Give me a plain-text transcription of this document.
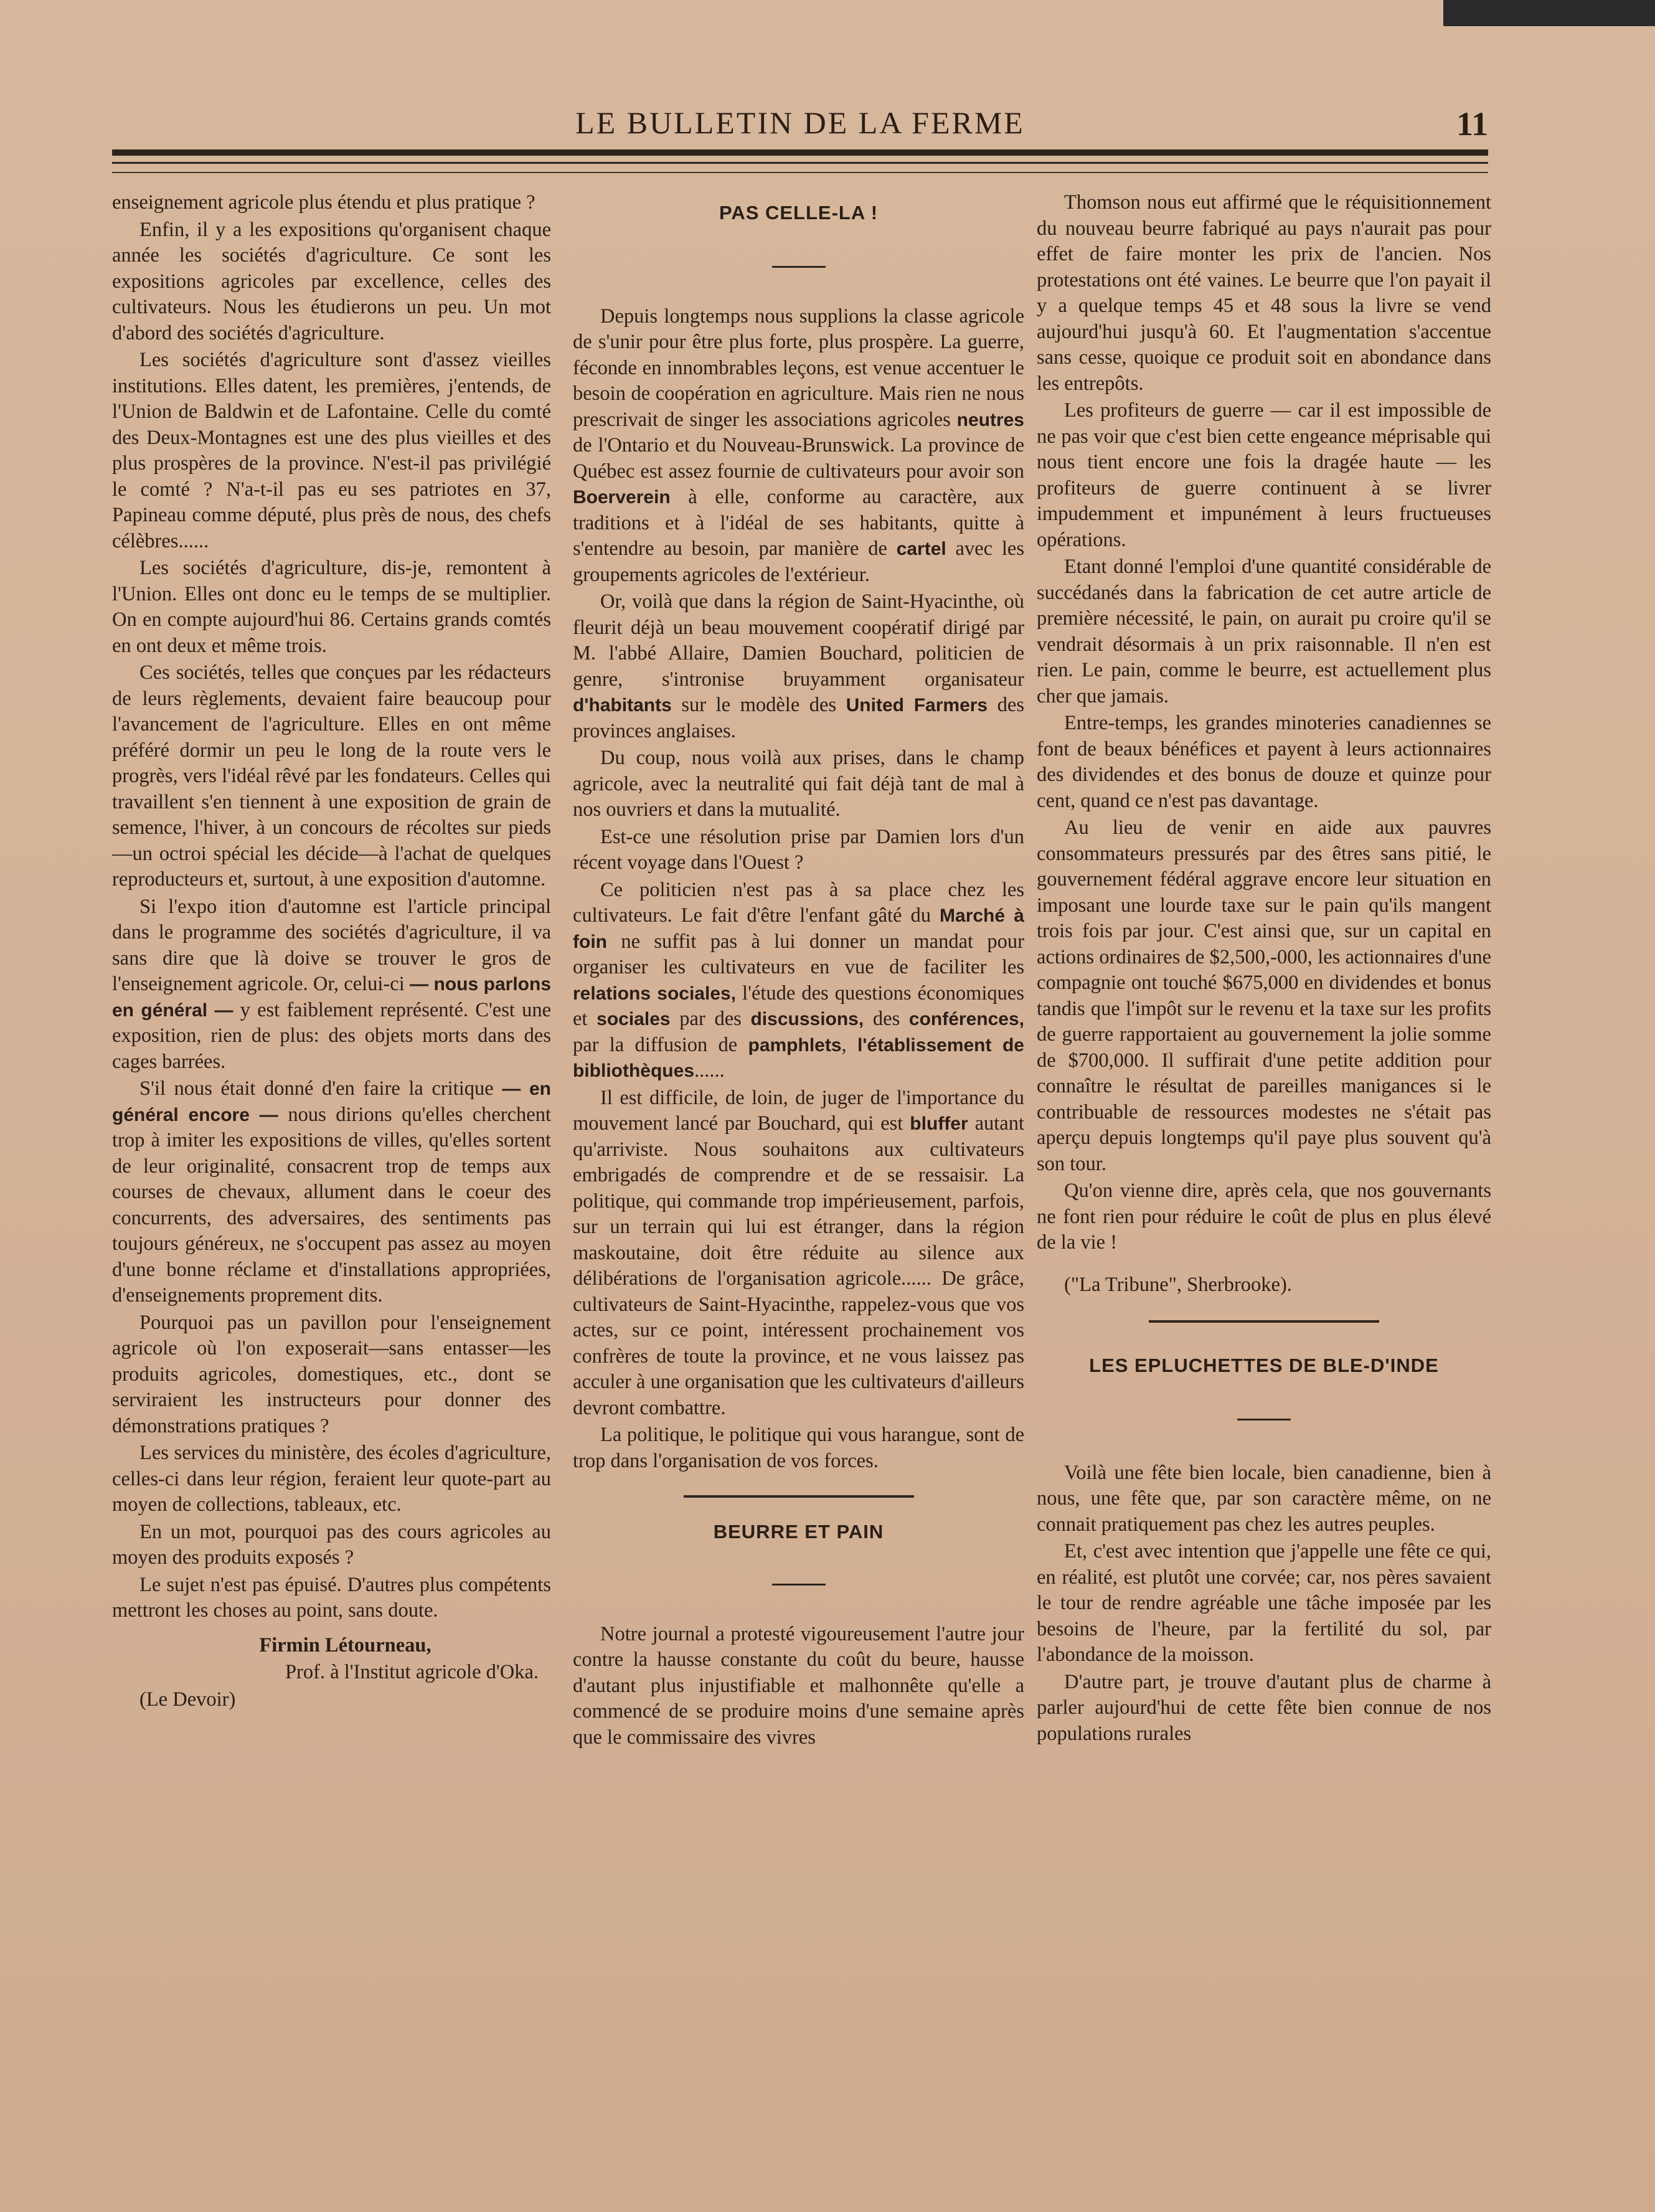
LE BULLETIN DE LA FERME	11

enseignement agricole plus étendu et plus pratique ?

Enfin, il y a les expositions qu'organisent chaque année les sociétés d'agriculture. Ce sont les expositions agricoles par excellence, celles des cultivateurs. Nous les étudierons un peu. Un mot d'abord des sociétés d'agriculture.

Les sociétés d'agriculture sont d'assez vieilles institutions. Elles datent, les premières, j'entends, de l'Union de Baldwin et de Lafontaine. Celle du comté des Deux-Montagnes est une des plus vieilles et des plus prospères de la province. N'est-il pas privilégié le comté ? N'a-t-il pas eu ses patriotes en 37, Papineau comme député, plus près de nous, des chefs célèbres......

Les sociétés d'agriculture, dis-je, remontent à l'Union. Elles ont donc eu le temps de se multiplier. On en compte aujourd'hui 86. Certains grands comtés en ont deux et même trois.

Ces sociétés, telles que conçues par les rédacteurs de leurs règlements, devaient faire beaucoup pour l'avancement de l'agriculture. Elles en ont même préféré dormir un peu le long de la route vers le progrès, vers l'idéal rêvé par les fondateurs. Celles qui travaillent s'en tiennent à une exposition de grain de semence, l'hiver, à un concours de récoltes sur pieds—un octroi spécial les décide—à l'achat de quelques reproducteurs et, surtout, à une exposition d'automne.

Si l'expo ition d'automne est l'article principal dans le programme des sociétés d'agriculture, il va sans dire que là doive se trouver le gros de l'enseignement agricole. Or, celui-ci — nous parlons en général — y est faiblement représenté. C'est une exposition, rien de plus: des objets morts dans des cages barrées.

S'il nous était donné d'en faire la critique — en général encore — nous dirions qu'elles cherchent trop à imiter les expositions de villes, qu'elles sortent de leur originalité, consacrent trop de temps aux courses de chevaux, allument dans le coeur des concurrents, des adversaires, des sentiments pas toujours généreux, ne s'occupent pas assez au moyen d'une bonne réclame et d'installations appropriées, d'enseignements proprement dits.

Pourquoi pas un pavillon pour l'enseignement agricole où l'on exposerait—sans entasser—les produits agricoles, domestiques, etc., dont se serviraient les instructeurs pour donner des démonstrations pratiques ?

Les services du ministère, des écoles d'agriculture, celles-ci dans leur région, feraient leur quote-part au moyen de collections, tableaux, etc.

En un mot, pourquoi pas des cours agricoles au moyen des produits exposés ?

Le sujet n'est pas épuisé. D'autres plus compétents mettront les choses au point, sans doute.

Firmin Létourneau,

Prof. à l'Institut agricole d'Oka.

(Le Devoir)

PAS CELLE-LA !

Depuis longtemps nous supplions la classe agricole de s'unir pour être plus forte, plus prospère. La guerre, féconde en innombrables leçons, est venue accentuer le besoin de coopération en agriculture. Mais rien ne nous prescrivait de singer les associations agricoles neutres de l'Ontario et du Nouveau-Brunswick. La province de Québec est assez fournie de cultivateurs pour avoir son Boerverein à elle, conforme au caractère, aux traditions et à l'idéal de ses habitants, quitte à s'entendre au besoin, par manière de cartel avec les groupements agricoles de l'extérieur.

Or, voilà que dans la région de Saint-Hyacinthe, où fleurit déjà un beau mouvement coopératif dirigé par M. l'abbé Allaire, Damien Bouchard, politicien de genre, s'intronise bruyamment organisateur d'habitants sur le modèle des United Farmers des provinces anglaises.

Du coup, nous voilà aux prises, dans le champ agricole, avec la neutralité qui fait déjà tant de mal à nos ouvriers et dans la mutualité.

Est-ce une résolution prise par Damien lors d'un récent voyage dans l'Ouest ?

Ce politicien n'est pas à sa place chez les cultivateurs. Le fait d'être l'enfant gâté du Marché à foin ne suffit pas à lui donner un mandat pour organiser les cultivateurs en vue de faciliter les relations sociales, l'étude des questions économiques et sociales par des discussions, des conférences, par la diffusion de pamphlets, l'établissement de bibliothèques......

Il est difficile, de loin, de juger de l'importance du mouvement lancé par Bouchard, qui est bluffer autant qu'arriviste. Nous souhaitons aux cultivateurs embrigadés de comprendre et de se ressaisir. La politique, qui commande trop impérieusement, parfois, sur un terrain qui lui est étranger, dans la région maskoutaine, doit être réduite au silence aux délibérations de l'organisation agricole...... De grâce, cultivateurs de Saint-Hyacinthe, rappelez-vous que vos actes, sur ce point, intéressent prochainement vos confrères de toute la province, et ne vous laissez pas acculer à une organisation que les cultivateurs d'ailleurs devront combattre.

La politique, le politique qui vous harangue, sont de trop dans l'organisation de vos forces.

BEURRE ET PAIN

Notre journal a protesté vigoureusement l'autre jour contre la hausse constante du coût du beure, hausse d'autant plus injustifiable et malhonnête qu'elle a commencé de se produire moins d'une semaine après que le commissaire des vivres

Thomson nous eut affirmé que le réquisitionnement du nouveau beurre fabriqué au pays n'aurait pas pour effet de faire monter les prix de l'ancien. Nos protestations ont été vaines. Le beurre que l'on payait il y a quelque temps 45 et 48 sous la livre se vend aujourd'hui jusqu'à 60. Et l'augmentation s'accentue sans cesse, quoique ce produit soit en abondance dans les entrepôts.

Les profiteurs de guerre — car il est impossible de ne pas voir que c'est bien cette engeance méprisable qui nous tient encore une fois la dragée haute — les profiteurs de guerre continuent à se livrer impudemment et impunément à leurs fructueuses opérations.

Etant donné l'emploi d'une quantité considérable de succédanés dans la fabrication de cet autre article de première nécessité, le pain, on aurait pu croire qu'il se vendrait désormais à un prix raisonnable. Il n'en est rien. Le pain, comme le beurre, est actuellement plus cher que jamais.

Entre-temps, les grandes minoteries canadiennes se font de beaux bénéfices et payent à leurs actionnaires des dividendes et des bonus de douze et quinze pour cent, quand ce n'est pas davantage.

Au lieu de venir en aide aux pauvres consommateurs pressurés par des êtres sans pitié, le gouvernement fédéral aggrave encore leur situation en imposant une lourde taxe sur le pain qu'ils mangent trois fois par jour. C'est ainsi que, sur un capital en actions ordinaires de $2,500,-000, les actionnaires d'une compagnie ont touché $675,000 en dividendes et bonus tandis que l'impôt sur le revenu et la taxe sur les profits de guerre rapportaient au gouvernement la jolie somme de $700,000. Il suffirait d'une petite addition pour connaître le résultat de pareilles manigances si le contribuable de ressources modestes ne s'était pas aperçu depuis longtemps qu'il paye plus souvent qu'à son tour.

Qu'on vienne dire, après cela, que nos gouvernants ne font rien pour réduire le coût de plus en plus élevé de la vie !

("La Tribune", Sherbrooke).

LES EPLUCHETTES DE BLE-D'INDE

Voilà une fête bien locale, bien canadienne, bien à nous, une fête que, par son caractère même, on ne connait pratiquement pas chez les autres peuples.

Et, c'est avec intention que j'appelle une fête ce qui, en réalité, est plutôt une corvée; car, nos pères savaient le tour de rendre agréable une tâche imposée par les besoins de l'heure, par la fertilité du sol, par l'abondance de la moisson.

D'autre part, je trouve d'autant plus de charme à parler aujourd'hui de cette fête bien connue de nos populations rurales
